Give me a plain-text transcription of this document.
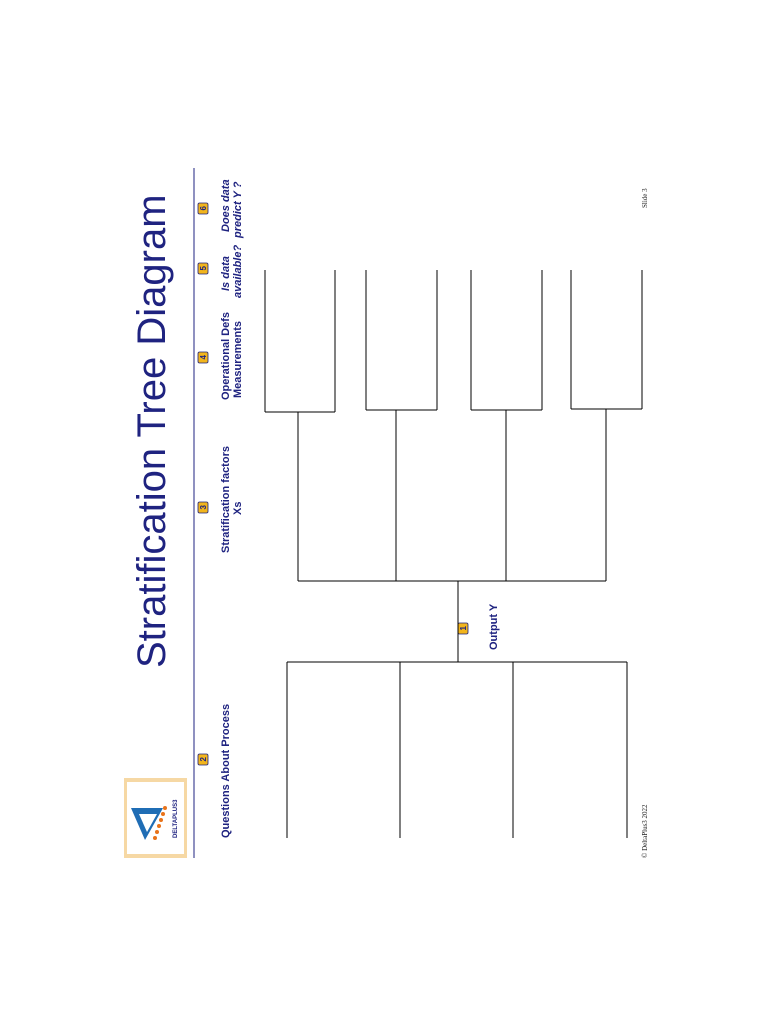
DELTAPLUS3
Stratification Tree Diagram
2 Questions About Process
1 Output Y
3 Stratification factors Xs
4 Operational Defs Measurements
5 Is data available?
6 Does data predict Y ?
© DeltaPlus3 2022
Slide 3
